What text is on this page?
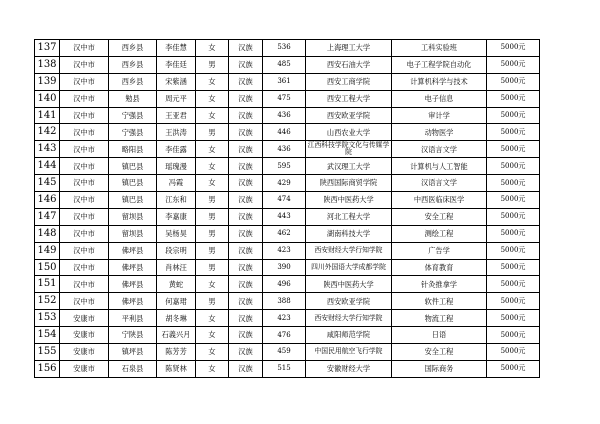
137	汉中市	西乡县	李佳慧	女	汉族	536	上海理工大学	工科实验班	5000元
138	汉中市	西乡县	李佳廷	男	汉族	485	西安石油大学	电子工程学院自动化	5000元
139	汉中市	西乡县	宋紫涵	女	汉族	361	西安工商学院	计算机科学与技术	5000元
140	汉中市	勉县	周元平	女	汉族	475	西安工程大学	电子信息	5000元
141	汉中市	宁强县	王亚君	女	汉族	436	西安欧亚学院	审计学	5000元
142	汉中市	宁强县	王洪涛	男	汉族	446	山西农业大学	动物医学	5000元
143	汉中市	略阳县	李佳露	女	汉族	436	江西科技学院文化与传媒学院	汉语言文学	5000元
144	汉中市	镇巴县	瑶瑰漫	女	汉族	595	武汉理工大学	计算机与人工智能	5000元
145	汉中市	镇巴县	冯霞	女	汉族	429	陕西国际商贸学院	汉语言文学	5000元
146	汉中市	镇巴县	江东和	男	汉族	474	陕西中医药大学	中西医临床医学	5000元
147	汉中市	留坝县	李嘉康	男	汉族	443	河北工程大学	安全工程	5000元
148	汉中市	留坝县	吴杨昊	男	汉族	462	湖南科技大学	测绘工程	5000元
149	汉中市	佛坪县	段宗明	男	汉族	423	西安财经大学行知学院	广告学	5000元
150	汉中市	佛坪县	肖林汪	男	汉族	390	四川外国语大学成都学院	体育教育	5000元
151	汉中市	佛坪县	黄蛇	女	汉族	496	陕西中医药大学	针灸推拿学	5000元
152	汉中市	佛坪县	何嘉珺	男	汉族	388	西安欧亚学院	软件工程	5000元
153	安康市	平利县	胡冬琳	女	汉族	423	西安财经大学行知学院	物流工程	5000元
154	安康市	宁陕县	石義兴月	女	汉族	476	咸阳师范学院	日语	5000元
155	安康市	镇坪县	陈芳芳	女	汉族	459	中国民用航空飞行学院	安全工程	5000元
156	安康市	石泉县	陈贤林	女	汉族	515	安徽财经大学	国际商务	5000元
